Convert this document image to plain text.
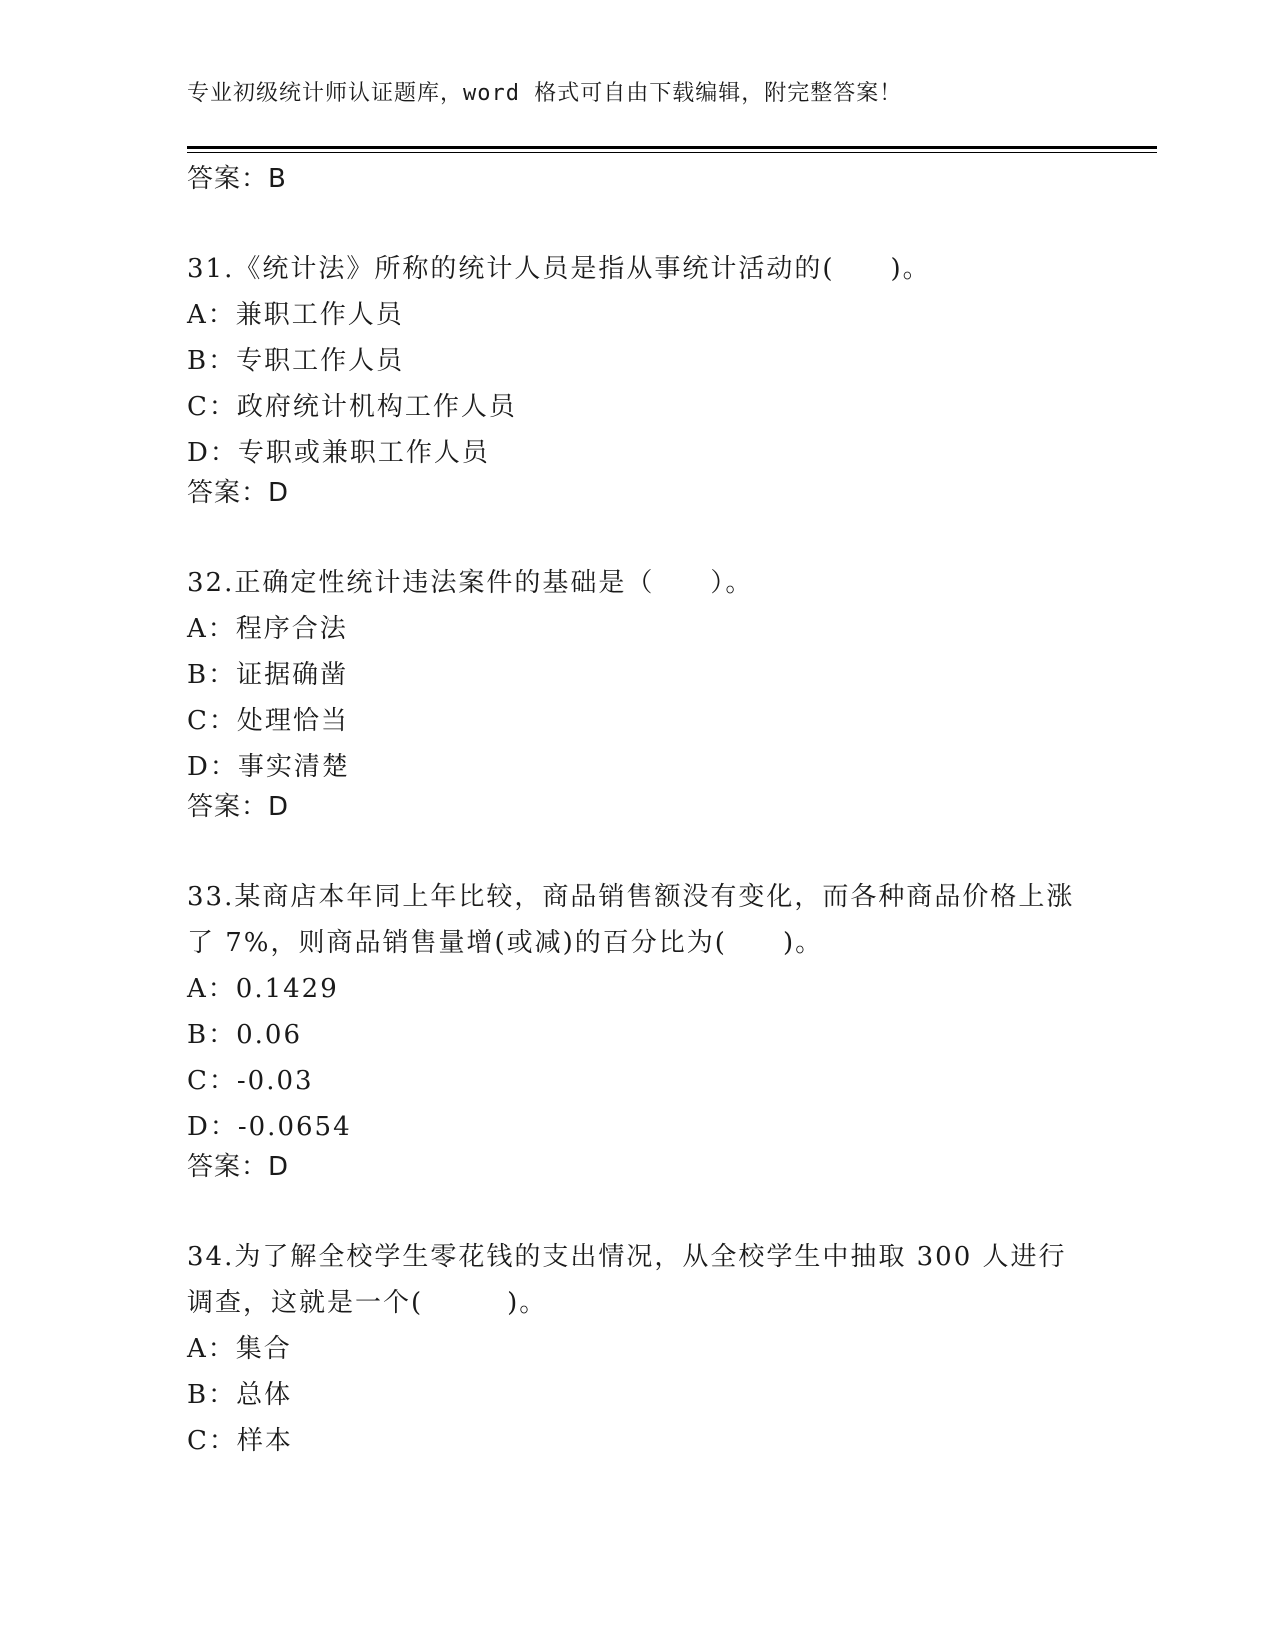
专业初级统计师认证题库，word 格式可自由下载编辑，附完整答案！
答案：B
31.《统计法》所称的统计人员是指从事统计活动的(　　)。
A：兼职工作人员
B：专职工作人员
C：政府统计机构工作人员
D：专职或兼职工作人员
答案：D
32.正确定性统计违法案件的基础是（　　）。
A：程序合法
B：证据确凿
C：处理恰当
D：事实清楚
答案：D
33.某商店本年同上年比较，商品销售额没有变化，而各种商品价格上涨了 7%，则商品销售量增(或减)的百分比为(　　)。
A：0.1429
B：0.06
C：-0.03
D：-0.0654
答案：D
34.为了解全校学生零花钱的支出情况，从全校学生中抽取 300 人进行调查，这就是一个(　　　)。
A：集合
B：总体
C：样本
